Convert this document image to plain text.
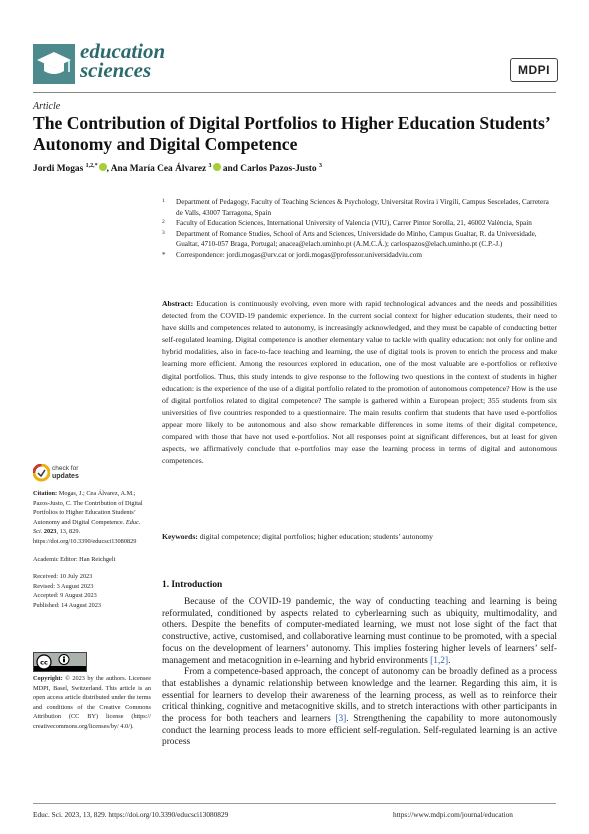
education
sciences	MDPI
Article
The Contribution of Digital Portfolios to Higher Education Students’ Autonomy and Digital Competence
Jordi Mogas $^{1,2,*}$ , Ana María Cea Álvarez $^3$ and Carlos Pazos-Justo $^3$
1 Department of Pedagogy, Faculty of Teaching Sciences & Psychology, Universitat Rovira i Virgili, Campus Sescelades, Carretera de Valls, 43007 Tarragona, Spain
2 Faculty of Education Sciences, International University of Valencia (VIU), Carrer Pintor Sorolla, 21, 46002 València, Spain
3 Department of Romance Studies, School of Arts and Sciences, Universidade do Minho, Campus Gualtar, R. da Universidade, Gualtar, 4710-057 Braga, Portugal; anacea@elach.uminho.pt (A.M.C.Á.); carlospazos@elach.uminho.pt (C.P.-J.)
* Correspondence: jordi.mogas@urv.cat or jordi.mogas@professor.universidadviu.com
Abstract: Education is continuously evolving, even more with rapid technological advances and the needs and possibilities detected from the COVID-19 pandemic experience. In the current social context for higher education students, their need to have skills and competences related to autonomy, is increasingly acknowledged, and they must be capable of conducting better self-regulated learning. Digital competence is another elementary value to tackle with quality education: not only for online and hybrid modalities, also in face-to-face teaching and learning, the use of digital tools is proven to enrich the process and make learning more efficient. Among the resources explored in education, one of the most valuable are e-portfolios or reflexive digital portfolios. Thus, this study intends to give response to the following two questions in the context of students in higher education: is the experience of the use of a digital portfolio related to the promotion of autonomous competence? How is the use of digital portfolios related to digital competence? The sample is gathered within a European project; 355 students from six universities of five countries responded to a questionnaire. The main results confirm that students that have used e-portfolios appear more likely to be autonomous and also show remarkable differences in some items of their digital competence, compared with those that have not used e-portfolios. Not all responses point at significant differences, but at least for given aspects, we affirmatively conclude that e-portfolios may ease the learning process in terms of digital and autonomous competences.
Keywords: digital competence; digital portfolios; higher education; students’ autonomy
check for
updates
Citation: Mogas, J.; Cea Álvarez, A.M.; Pazos-Justo, C. The Contribution of Digital Portfolios to Higher Education Students’ Autonomy and Digital Competence. Educ. Sci. 2023, 13, 829. https://doi.org/10.3390/educsci13080829
Academic Editor: Han Reichgelt
Received: 10 July 2023
Revised: 3 August 2023
Accepted: 9 August 2023
Published: 14 August 2023
cc
Copyright: © 2023 by the authors. Licensee MDPI, Basel, Switzerland. This article is an open access article distributed under the terms and conditions of the Creative Commons Attribution (CC BY) license (https:// creativecommons.org/licenses/by/ 4.0/).
1. Introduction

Because of the COVID-19 pandemic, the way of conducting teaching and learning is being reformulated, conditioned by aspects related to cyberlearning such as ubiquity, multimodality, and others. Despite the benefits of computer-mediated learning, we must not lose sight of the fact that constructive, active, customised, and collaborative learning must continue to be promoted, with a special focus on the development of learners’ autonomy. This implies fostering higher levels of learners’ self-management and metacognition in e-learning and hybrid environments [1,2].

From a competence-based approach, the concept of autonomy can be broadly defined as a process that establishes a dynamic relationship between knowledge and the learner. Regarding this aim, it is essential for learners to develop their awareness of the learning process, as well as to reinforce their critical thinking, cognitive and metacognitive skills, and to stretch interactions with other participants in the process for both teachers and learners [3]. Strengthening the capability to more autonomously conduct the learning process leads to more efficient self-regulation. Self-regulated learning is an active process

Educ. Sci. 2023, 13, 829. https://doi.org/10.3390/educsci13080829	https://www.mdpi.com/journal/education
